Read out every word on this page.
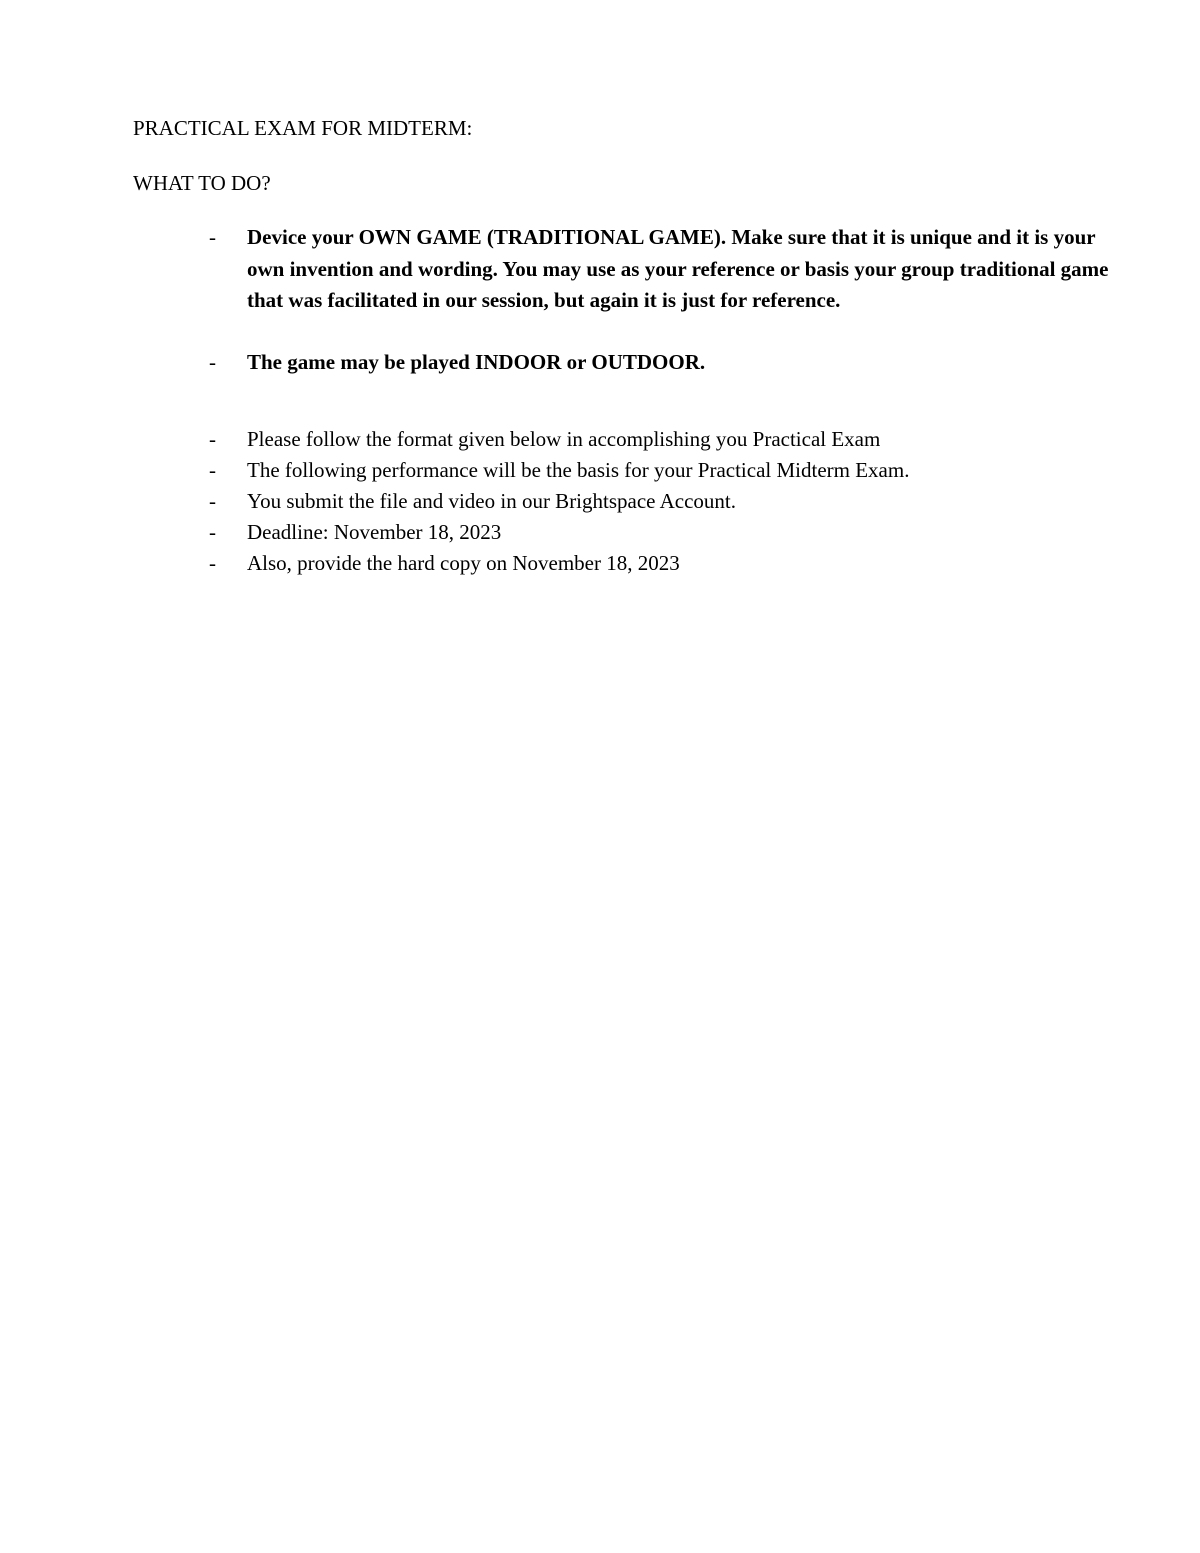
PRACTICAL EXAM FOR MIDTERM:
WHAT TO DO?
-	Device your OWN GAME (TRADITIONAL GAME). Make sure that it is unique and it is your own invention and wording. You may use as your reference or basis your group traditional game that was facilitated in our session, but again it is just for reference.
-	The game may be played INDOOR or OUTDOOR.
-	Please follow the format given below in accomplishing you Practical Exam
-	The following performance will be the basis for your Practical Midterm Exam.
-	You submit the file and video in our Brightspace Account.
-	Deadline: November 18, 2023
-	Also, provide the hard copy on November 18, 2023
